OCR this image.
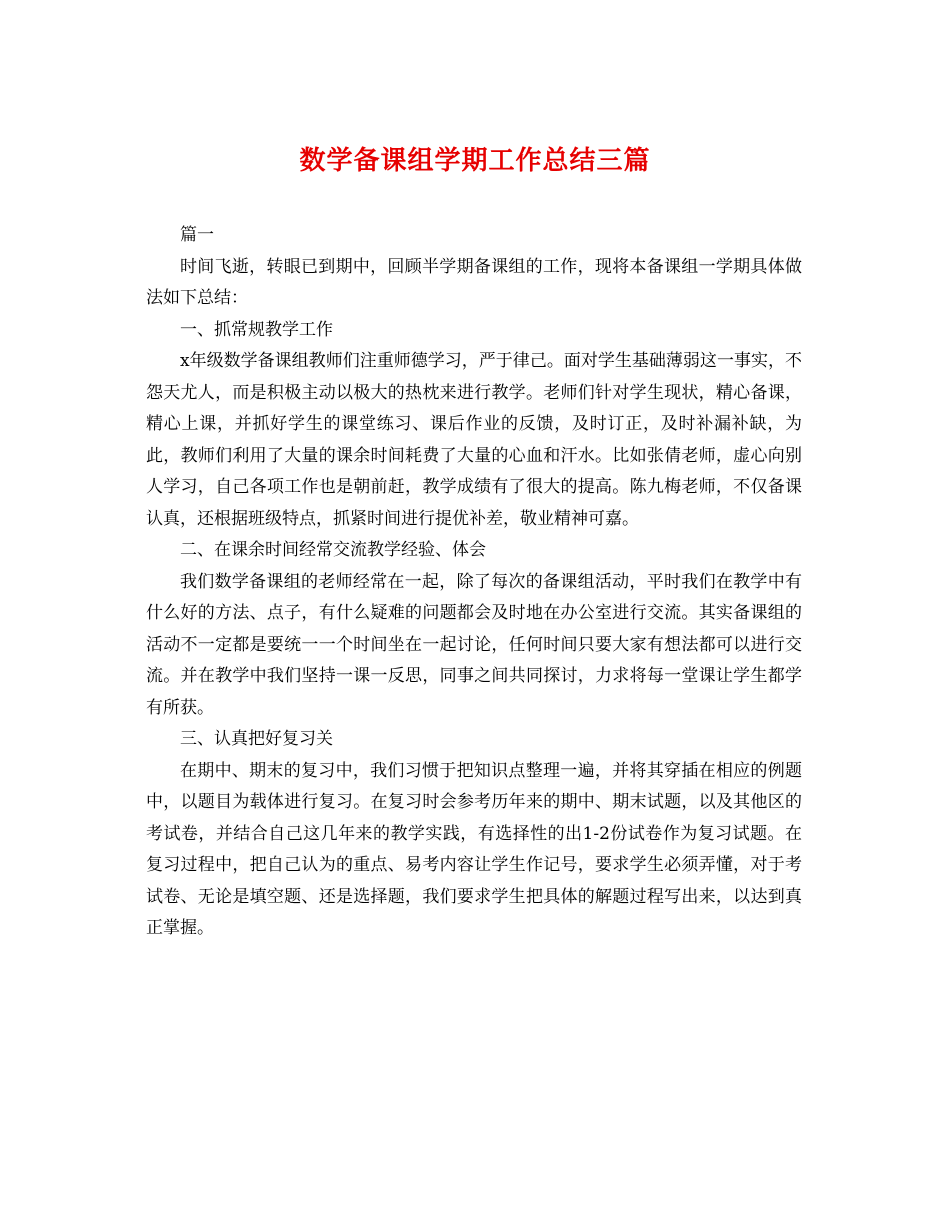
数学备课组学期工作总结三篇

篇一

时间飞逝，转眼已到期中，回顾半学期备课组的工作，现将本备课组一学期具体做法如下总结：

一、抓常规教学工作

x年级数学备课组教师们注重师德学习，严于律己。面对学生基础薄弱这一事实，不怨天尤人，而是积极主动以极大的热枕来进行教学。老师们针对学生现状，精心备课，精心上课，并抓好学生的课堂练习、课后作业的反馈，及时订正，及时补漏补缺，为此，教师们利用了大量的课余时间耗费了大量的心血和汗水。比如张倩老师，虚心向别人学习，自己各项工作也是朝前赶，教学成绩有了很大的提高。陈九梅老师，不仅备课认真，还根据班级特点，抓紧时间进行提优补差，敬业精神可嘉。

二、在课余时间经常交流教学经验、体会

我们数学备课组的老师经常在一起，除了每次的备课组活动，平时我们在教学中有什么好的方法、点子，有什么疑难的问题都会及时地在办公室进行交流。其实备课组的活动不一定都是要统一一个时间坐在一起讨论，任何时间只要大家有想法都可以进行交流。并在教学中我们坚持一课一反思，同事之间共同探讨，力求将每一堂课让学生都学有所获。

三、认真把好复习关

在期中、期末的复习中，我们习惯于把知识点整理一遍，并将其穿插在相应的例题中，以题目为载体进行复习。在复习时会参考历年来的期中、期末试题，以及其他区的考试卷，并结合自己这几年来的教学实践，有选择性的出1-2份试卷作为复习试题。在复习过程中，把自己认为的重点、易考内容让学生作记号，要求学生必须弄懂，对于考试卷、无论是填空题、还是选择题，我们要求学生把具体的解题过程写出来，以达到真正掌握。
